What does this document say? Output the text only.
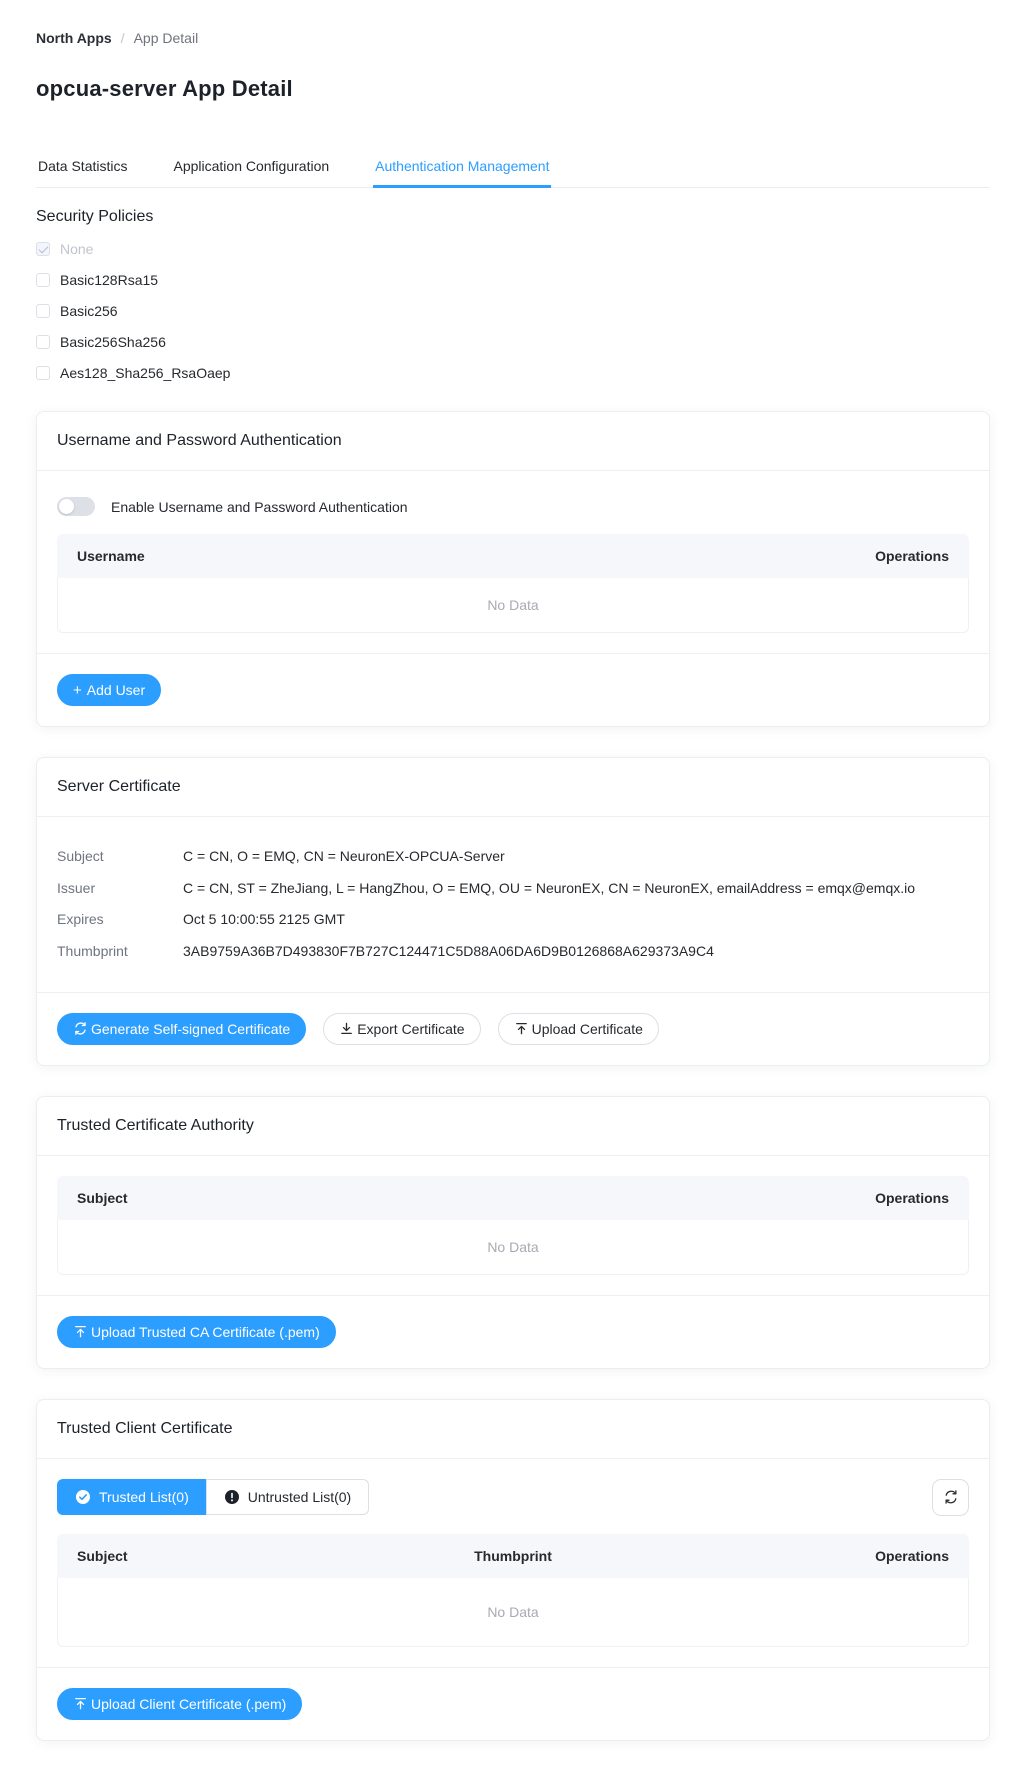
North Apps / App Detail
opcua-server App Detail
Data Statistics	Application Configuration	Authentication Management
Security Policies
None
Basic128Rsa15
Basic256
Basic256Sha256
Aes128_Sha256_RsaOaep
Username and Password Authentication
Enable Username and Password Authentication
Username	Operations
No Data
+ Add User
Server Certificate
Subject	C = CN, O = EMQ, CN = NeuronEX-OPCUA-Server
Issuer	C = CN, ST = ZheJiang, L = HangZhou, O = EMQ, OU = NeuronEX, CN = NeuronEX, emailAddress = emqx@emqx.io
Expires	Oct 5 10:00:55 2125 GMT
Thumbprint	3AB9759A36B7D493830F7B727C124471C5D88A06DA6D9B0126868A629373A9C4
Generate Self-signed Certificate	Export Certificate	Upload Certificate
Trusted Certificate Authority
Subject	Operations
No Data
Upload Trusted CA Certificate (.pem)
Trusted Client Certificate
Trusted List(0)	Untrusted List(0)
Subject	Thumbprint	Operations
No Data
Upload Client Certificate (.pem)
